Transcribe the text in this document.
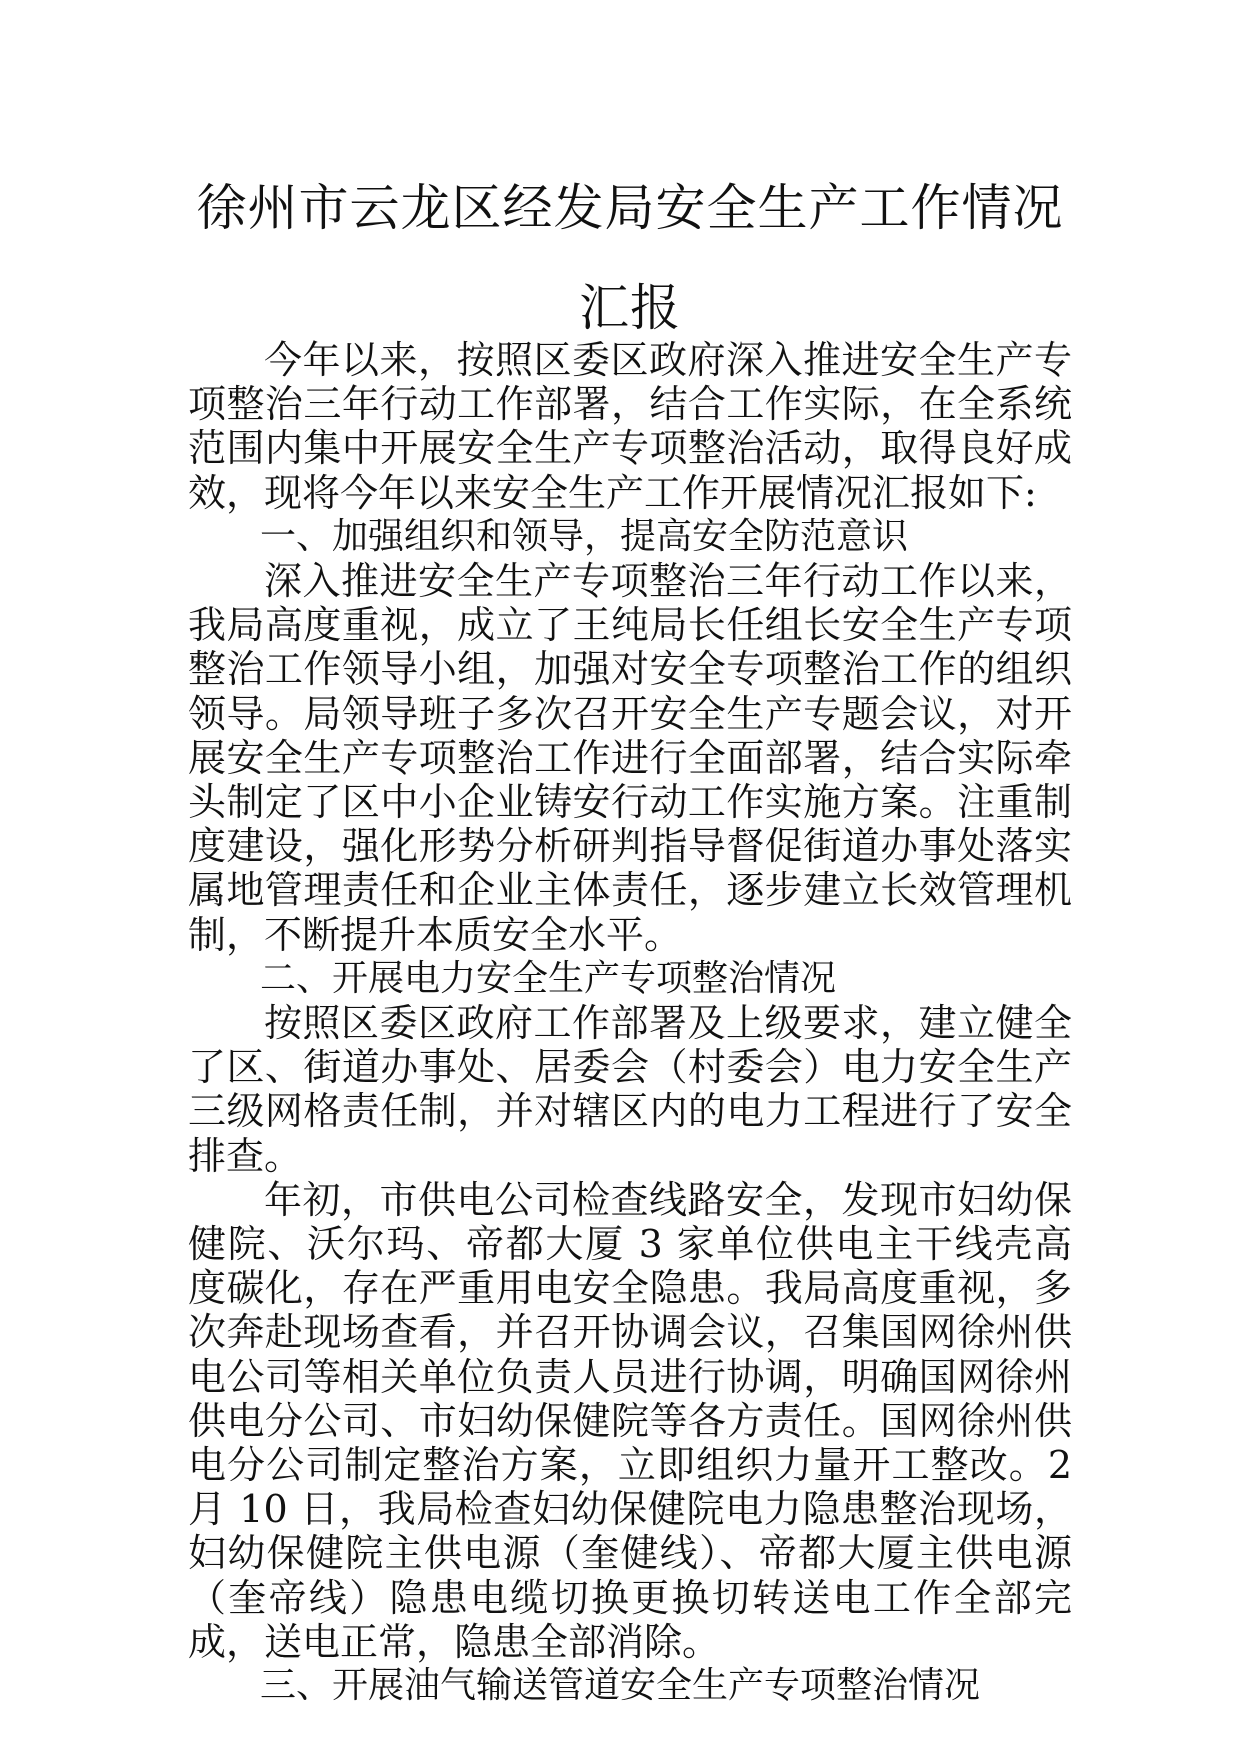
徐州市云龙区经发局安全生产工作情况汇报

今年以来，按照区委区政府深入推进安全生产专项整治三年行动工作部署，结合工作实际，在全系统范围内集中开展安全生产专项整治活动，取得良好成效，现将今年以来安全生产工作开展情况汇报如下:

一、加强组织和领导，提高安全防范意识

深入推进安全生产专项整治三年行动工作以来，我局高度重视，成立了王纯局长任组长安全生产专项整治工作领导小组，加强对安全专项整治工作的组织领导。局领导班子多次召开安全生产专题会议，对开展安全生产专项整治工作进行全面部署，结合实际牵头制定了区中小企业铸安行动工作实施方案。注重制度建设，强化形势分析研判指导督促街道办事处落实属地管理责任和企业主体责任，逐步建立长效管理机制，不断提升本质安全水平。

二、开展电力安全生产专项整治情况

按照区委区政府工作部署及上级要求，建立健全了区、街道办事处、居委会（村委会）电力安全生产三级网格责任制，并对辖区内的电力工程进行了安全排查。

年初，市供电公司检查线路安全，发现市妇幼保健院、沃尔玛、帝都大厦 3 家单位供电主干线壳高度碳化，存在严重用电安全隐患。我局高度重视，多次奔赴现场查看，并召开协调会议，召集国网徐州供电公司等相关单位负责人员进行协调，明确国网徐州供电分公司、市妇幼保健院等各方责任。国网徐州供电分公司制定整治方案，立即组织力量开工整改。2 月 10 日，我局检查妇幼保健院电力隐患整治现场，妇幼保健院主供电源（奎健线）、帝都大厦主供电源（奎帝线）隐患电缆切换更换切转送电工作全部完成，送电正常，隐患全部消除。

三、开展油气输送管道安全生产专项整治情况
